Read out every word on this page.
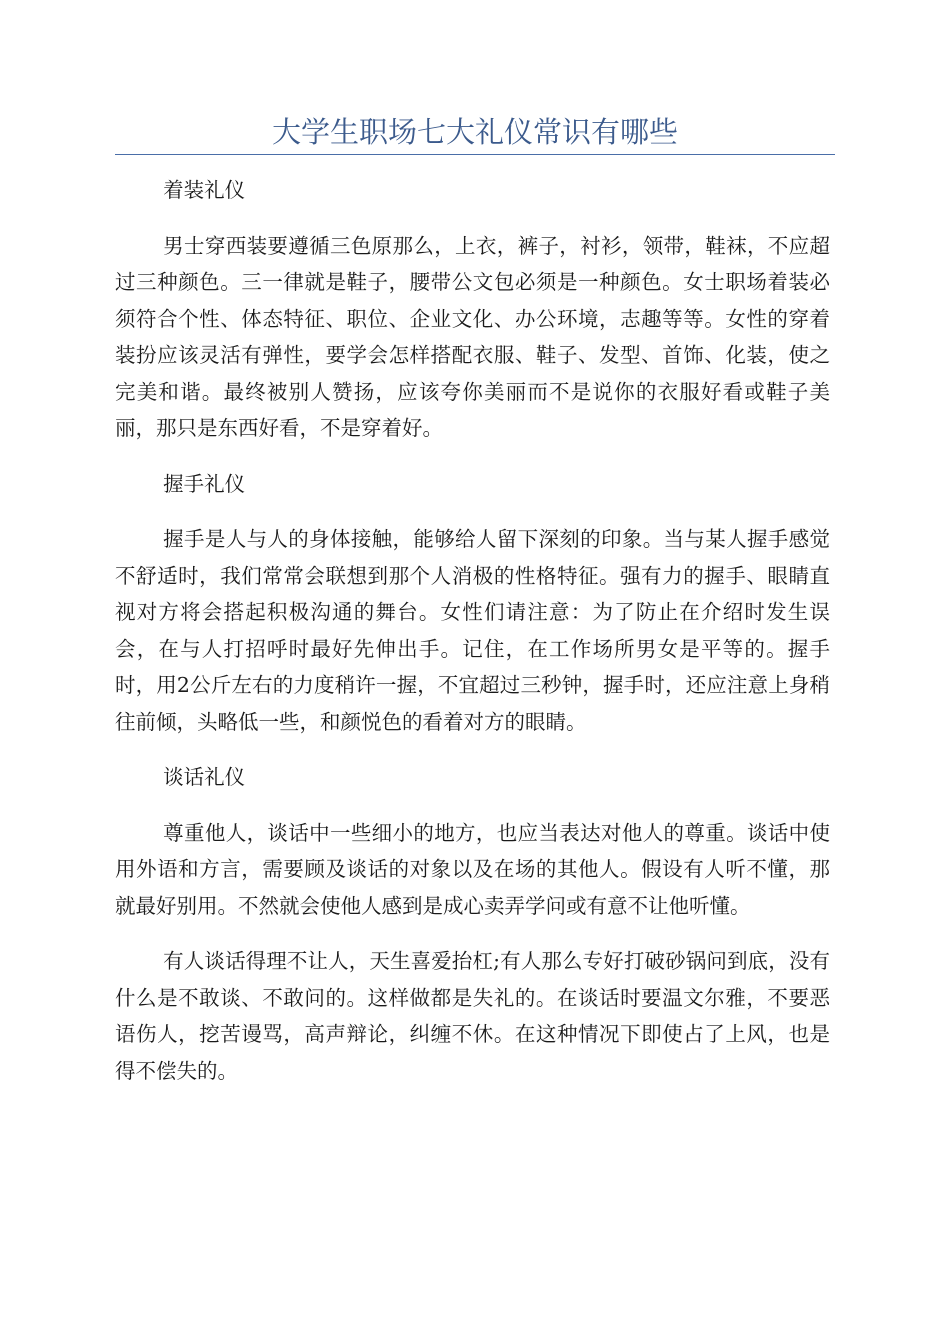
大学生职场七大礼仪常识有哪些

着装礼仪

男士穿西装要遵循三色原那么，上衣，裤子，衬衫，领带，鞋袜，不应超过三种颜色。三一律就是鞋子，腰带公文包必须是一种颜色。女士职场着装必须符合个性、体态特征、职位、企业文化、办公环境，志趣等等。女性的穿着装扮应该灵活有弹性，要学会怎样搭配衣服、鞋子、发型、首饰、化装，使之完美和谐。最终被别人赞扬，应该夸你美丽而不是说你的衣服好看或鞋子美丽，那只是东西好看，不是穿着好。

握手礼仪

握手是人与人的身体接触，能够给人留下深刻的印象。当与某人握手感觉不舒适时，我们常常会联想到那个人消极的性格特征。强有力的握手、眼睛直视对方将会搭起积极沟通的舞台。女性们请注意：为了防止在介绍时发生误会，在与人打招呼时最好先伸出手。记住，在工作场所男女是平等的。握手时，用2公斤左右的力度稍许一握，不宜超过三秒钟，握手时，还应注意上身稍往前倾，头略低一些，和颜悦色的看着对方的眼睛。

谈话礼仪

尊重他人，谈话中一些细小的地方，也应当表达对他人的尊重。谈话中使用外语和方言，需要顾及谈话的对象以及在场的其他人。假设有人听不懂，那就最好别用。不然就会使他人感到是成心卖弄学问或有意不让他听懂。

有人谈话得理不让人，天生喜爱抬杠;有人那么专好打破砂锅问到底，没有什么是不敢谈、不敢问的。这样做都是失礼的。在谈话时要温文尔雅，不要恶语伤人，挖苦谩骂，高声辩论，纠缠不休。在这种情况下即使占了上风，也是得不偿失的。
